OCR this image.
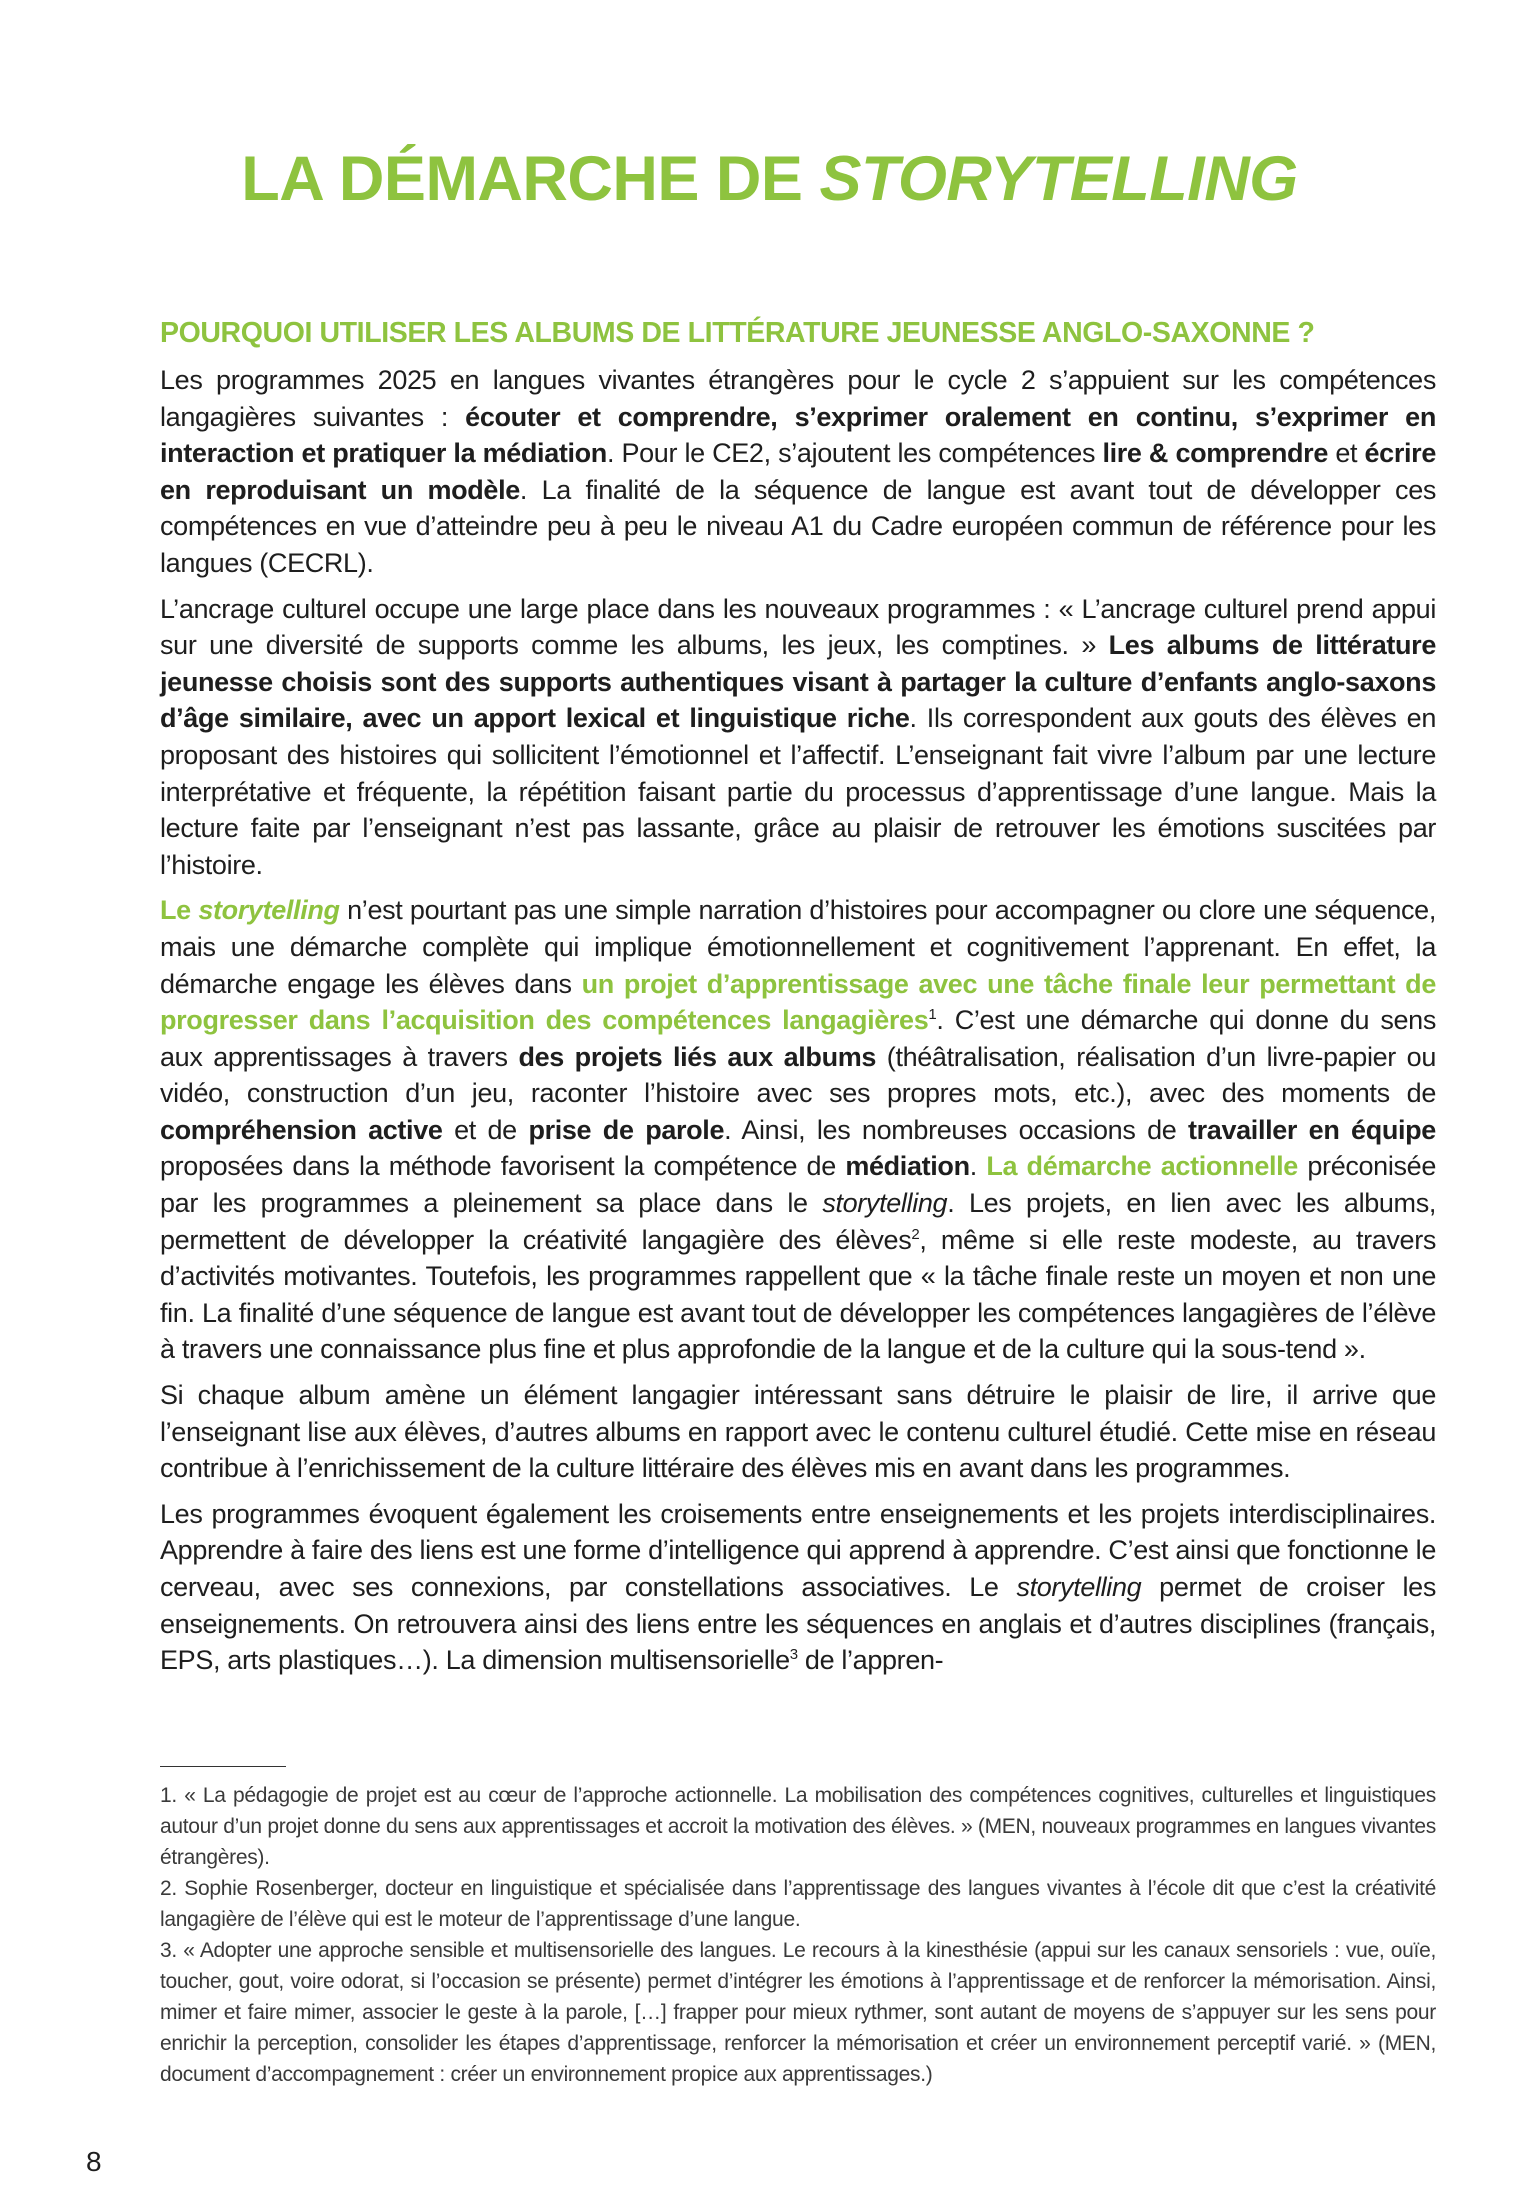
LA DÉMARCHE DE STORYTELLING
POURQUOI UTILISER LES ALBUMS DE LITTÉRATURE JEUNESSE ANGLO-SAXONNE ?

Les programmes 2025 en langues vivantes étrangères pour le cycle 2 s’appuient sur les compétences langagières suivantes : écouter et comprendre, s’exprimer oralement en continu, s’exprimer en interaction et pratiquer la médiation. Pour le CE2, s’ajoutent les compétences lire & comprendre et écrire en reproduisant un modèle. La finalité de la séquence de langue est avant tout de développer ces compétences en vue d’atteindre peu à peu le niveau A1 du Cadre européen commun de référence pour les langues (CECRL).

L’ancrage culturel occupe une large place dans les nouveaux programmes : « L’ancrage culturel prend appui sur une diversité de supports comme les albums, les jeux, les comptines. » Les albums de littérature jeunesse choisis sont des supports authentiques visant à partager la culture d’enfants anglo-saxons d’âge similaire, avec un apport lexical et linguistique riche. Ils correspondent aux gouts des élèves en proposant des histoires qui sollicitent l’émotionnel et l’affectif. L’enseignant fait vivre l’album par une lecture interprétative et fréquente, la répétition faisant partie du processus d’apprentissage d’une langue. Mais la lecture faite par l’enseignant n’est pas lassante, grâce au plaisir de retrouver les émotions suscitées par l’histoire.

Le storytelling n’est pourtant pas une simple narration d’histoires pour accompagner ou clore une séquence, mais une démarche complète qui implique émotionnellement et cognitivement l’apprenant. En effet, la démarche engage les élèves dans un projet d’apprentissage avec une tâche finale leur permettant de progresser dans l’acquisition des compétences langagières$^1$. C’est une démarche qui donne du sens aux apprentissages à travers des projets liés aux albums (théâtralisation, réalisation d’un livre-papier ou vidéo, construction d’un jeu, raconter l’histoire avec ses propres mots, etc.), avec des moments de compréhension active et de prise de parole. Ainsi, les nombreuses occasions de travailler en équipe proposées dans la méthode favorisent la compétence de médiation. La démarche actionnelle préconisée par les programmes a pleinement sa place dans le storytelling. Les projets, en lien avec les albums, permettent de développer la créativité langagière des élèves$^2$, même si elle reste modeste, au travers d’activités motivantes. Toutefois, les programmes rappellent que « la tâche finale reste un moyen et non une fin. La finalité d’une séquence de langue est avant tout de développer les compétences langagières de l’élève à travers une connaissance plus fine et plus approfondie de la langue et de la culture qui la sous-tend ».

Si chaque album amène un élément langagier intéressant sans détruire le plaisir de lire, il arrive que l’enseignant lise aux élèves, d’autres albums en rapport avec le contenu culturel étudié. Cette mise en réseau contribue à l’enrichissement de la culture littéraire des élèves mis en avant dans les programmes.

Les programmes évoquent également les croisements entre enseignements et les projets interdisciplinaires. Apprendre à faire des liens est une forme d’intelligence qui apprend à apprendre. C’est ainsi que fonctionne le cerveau, avec ses connexions, par constellations associatives. Le storytelling permet de croiser les enseignements. On retrouvera ainsi des liens entre les séquences en anglais et d’autres disciplines (français, EPS, arts plastiques…). La dimension multisensorielle$^3$ de l’appren-

1. « La pédagogie de projet est au cœur de l’approche actionnelle. La mobilisation des compétences cognitives, culturelles et linguistiques autour d’un projet donne du sens aux apprentissages et accroit la motivation des élèves. » (MEN, nouveaux programmes en langues vivantes étrangères).

2. Sophie Rosenberger, docteur en linguistique et spécialisée dans l’apprentissage des langues vivantes à l’école dit que c’est la créativité langagière de l’élève qui est le moteur de l’apprentissage d’une langue.

3. « Adopter une approche sensible et multisensorielle des langues. Le recours à la kinesthésie (appui sur les canaux sensoriels : vue, ouïe, toucher, gout, voire odorat, si l’occasion se présente) permet d’intégrer les émotions à l’apprentissage et de renforcer la mémorisation. Ainsi, mimer et faire mimer, associer le geste à la parole, […] frapper pour mieux rythmer, sont autant de moyens de s’appuyer sur les sens pour enrichir la perception, consolider les étapes d’apprentissage, renforcer la mémorisation et créer un environnement perceptif varié. » (MEN, document d’accompagnement : créer un environnement propice aux apprentissages.)

8
